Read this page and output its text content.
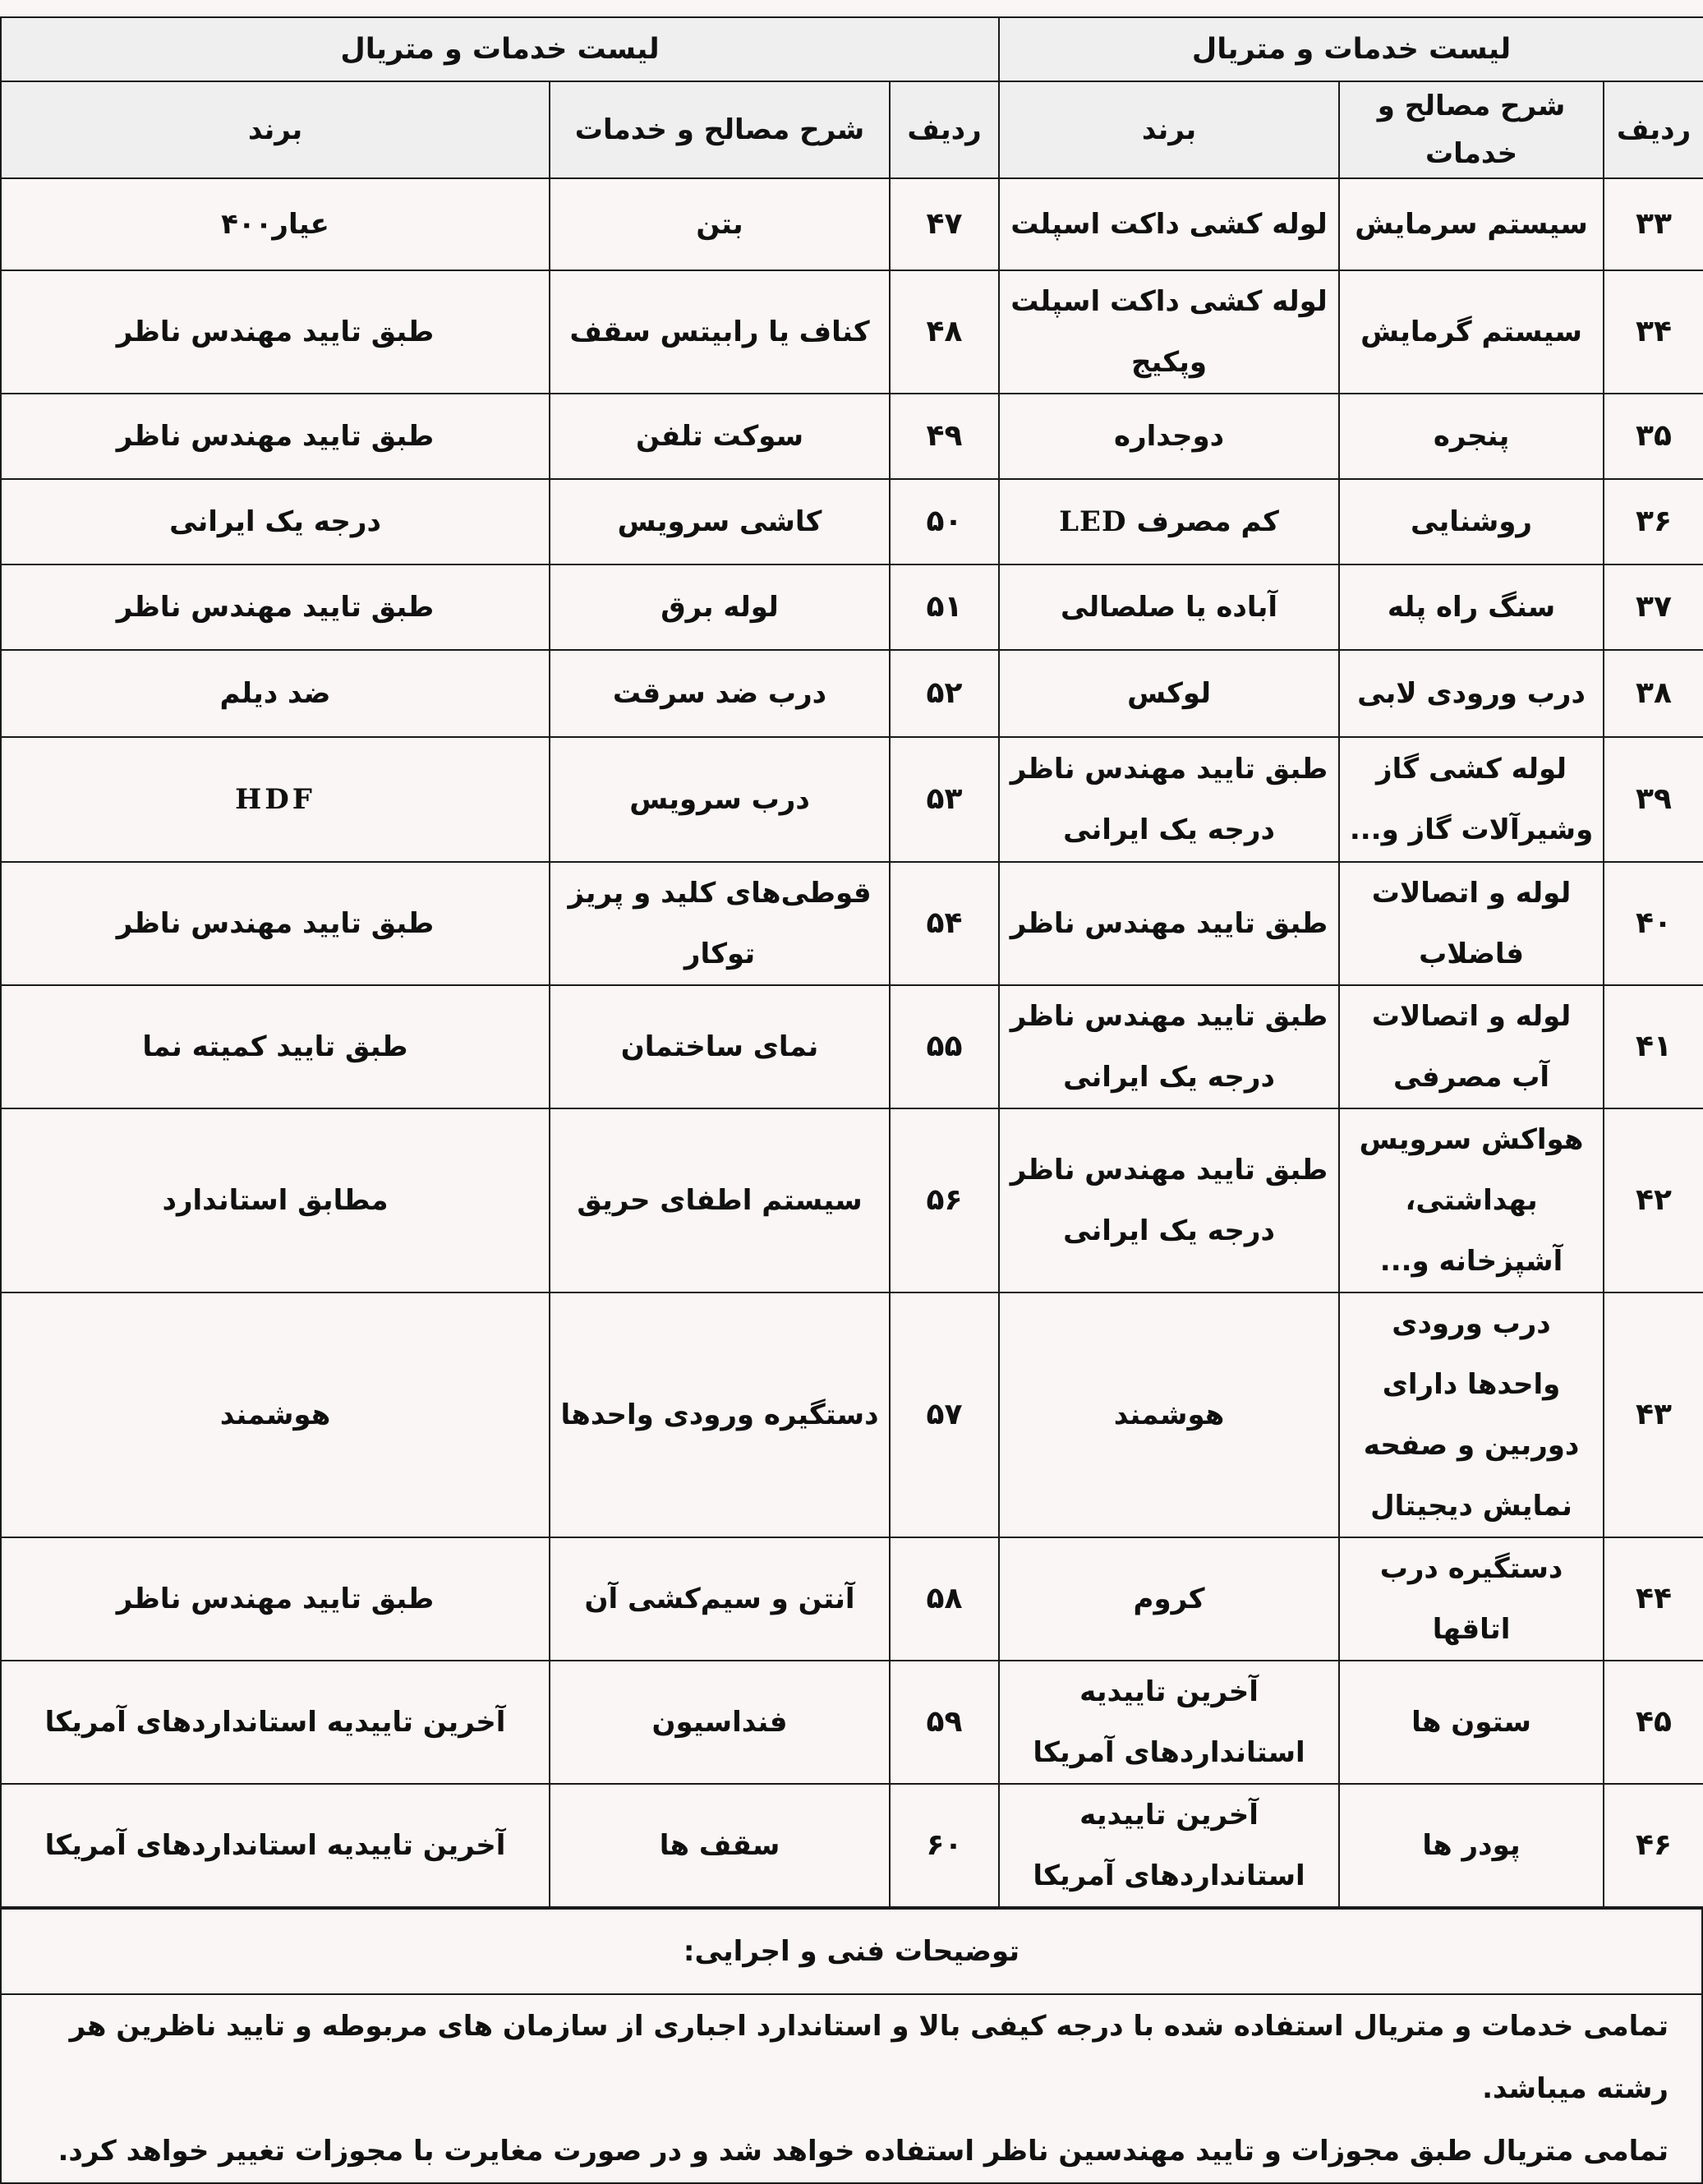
لیست خدمات و متریال			لیست خدمات و متریال		
ردیف	شرح مصالح و خدمات	برند	ردیف	شرح مصالح و خدمات	برند
۳۳	سیستم سرمایش	لوله کشی داکت اسپلت	۴۷	بتن	عیار۴۰۰
۳۴	سیستم گرمایش	لوله کشی داکت اسپلت وپکیج	۴۸	کناف یا رابیتس سقف	طبق تایید مهندس ناظر
۳۵	پنجره	دوجداره	۴۹	سوکت تلفن	طبق تایید مهندس ناظر
۳۶	روشنایی	کم مصرفLED	۵۰	کاشی سرویس	درجه یک ایرانی
۳۷	سنگ راه پله	آباده یا صلصالی	۵۱	لوله برق	طبق تایید مهندس ناظر
۳۸	درب ورودی لابی	لوکس	۵۲	درب ضد سرقت	ضد دیلم
۳۹	لوله کشی گاز وشیرآلات گاز و...	طبق تایید مهندس ناظر درجه یک ایرانی	۵۳	درب سرویس	HDF
۴۰	لوله و اتصالات فاضلاب	طبق تایید مهندس ناظر	۵۴	قوطی‌های کلید و پریز توکار	طبق تایید مهندس ناظر
۴۱	لوله و اتصالات آب مصرفی	طبق تایید مهندس ناظر درجه یک ایرانی	۵۵	نمای ساختمان	طبق تایید کمیته نما
۴۲	هواکش سرویس بهداشتی، آشپزخانه و...	طبق تایید مهندس ناظر درجه یک ایرانی	۵۶	سیستم اطفای حریق	مطابق استاندارد
۴۳	درب ورودی واحدها دارای دوربین و صفحه نمایش دیجیتال	هوشمند	۵۷	دستگیره ورودی واحدها	هوشمند
۴۴	دستگیره درب اتاقها	کروم	۵۸	آنتن و سیم‌کشی آن	طبق تایید مهندس ناظر
۴۵	ستون ها	آخرین تاییدیه استانداردهای آمریکا	۵۹	فنداسیون	آخرین تاییدیه استانداردهای آمریکا
۴۶	پودر ها	آخرین تاییدیه استانداردهای آمریکا	۶۰	سقف ها	آخرین تاییدیه استانداردهای آمریکا
توضیحات فنی و اجرایی:

تمامی خدمات و متریال استفاده شده با درجه کیفی بالا و استاندارد اجباری از سازمان های مربوطه و تایید ناظرین هر رشته میباشد.

تمامی متریال طبق مجوزات و تایید مهندسین ناظر استفاده خواهد شد و در صورت مغایرت با مجوزات تغییر خواهد کرد.
